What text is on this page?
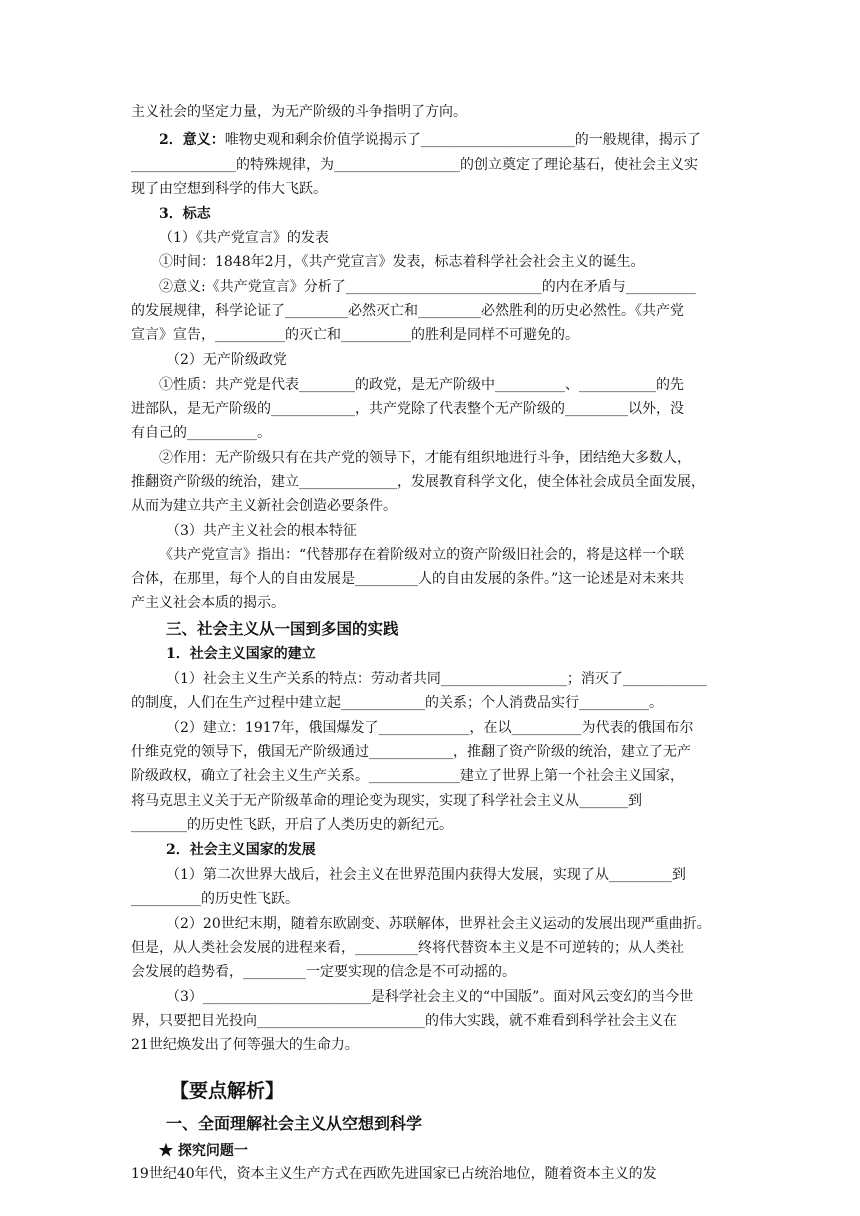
主义社会的坚定力量，为无产阶级的斗争指明了方向。
2．意义：唯物史观和剩余价值学说揭示了______________________的一般规律，揭示了
_______________的特殊规律，为__________________的创立奠定了理论基石，使社会主义实
现了由空想到科学的伟大飞跃。
3．标志
（1）《共产党宣言》的发表
①时间：1848年2月，《共产党宣言》发表，标志着科学社会社会主义的诞生。
②意义:《共产党宣言》分析了____________________________的内在矛盾与__________
的发展规律，科学论证了_________必然灭亡和_________必然胜利的历史必然性。《共产党
宣言》宣告，__________的灭亡和__________的胜利是同样不可避免的。
（2）无产阶级政党
①性质：共产党是代表________的政党，是无产阶级中__________、___________的先
进部队，是无产阶级的____________，共产党除了代表整个无产阶级的_________以外，没
有自己的__________。
②作用：无产阶级只有在共产党的领导下，才能有组织地进行斗争，团结绝大多数人，
推翻资产阶级的统治，建立______________，发展教育科学文化，使全体社会成员全面发展，
从而为建立共产主义新社会创造必要条件。
（3）共产主义社会的根本特征
《共产党宣言》指出：“代替那存在着阶级对立的资产阶级旧社会的，将是这样一个联
合体，在那里，每个人的自由发展是_________人的自由发展的条件。”这一论述是对未来共
产主义社会本质的揭示。
三、社会主义从一国到多国的实践
1．社会主义国家的建立
（1）社会主义生产关系的特点：劳动者共同__________________；消灭了____________
的制度，人们在生产过程中建立起____________的关系；个人消费品实行__________。
（2）建立：1917年，俄国爆发了_____________，在以__________为代表的俄国布尔
什维克党的领导下，俄国无产阶级通过____________，推翻了资产阶级的统治，建立了无产
阶级政权，确立了社会主义生产关系。_____________建立了世界上第一个社会主义国家，
将马克思主义关于无产阶级革命的理论变为现实，实现了科学社会主义从_______到
________的历史性飞跃，开启了人类历史的新纪元。
2．社会主义国家的发展
（1）第二次世界大战后，社会主义在世界范围内获得大发展，实现了从_________到
__________的历史性飞跃。
（2）20世纪末期，随着东欧剧变、苏联解体，世界社会主义运动的发展出现严重曲折。
但是，从人类社会发展的进程来看，_________终将代替资本主义是不可逆转的；从人类社
会发展的趋势看，_________一定要实现的信念是不可动摇的。
（3）________________________是科学社会主义的“中国版”。面对风云变幻的当今世
界，只要把目光投向________________________的伟大实践，就不难看到科学社会主义在
21世纪焕发出了何等强大的生命力。
【要点解析】
一、全面理解社会主义从空想到科学
★ 探究问题一
19世纪40年代，资本主义生产方式在西欧先进国家已占统治地位，随着资本主义的发
